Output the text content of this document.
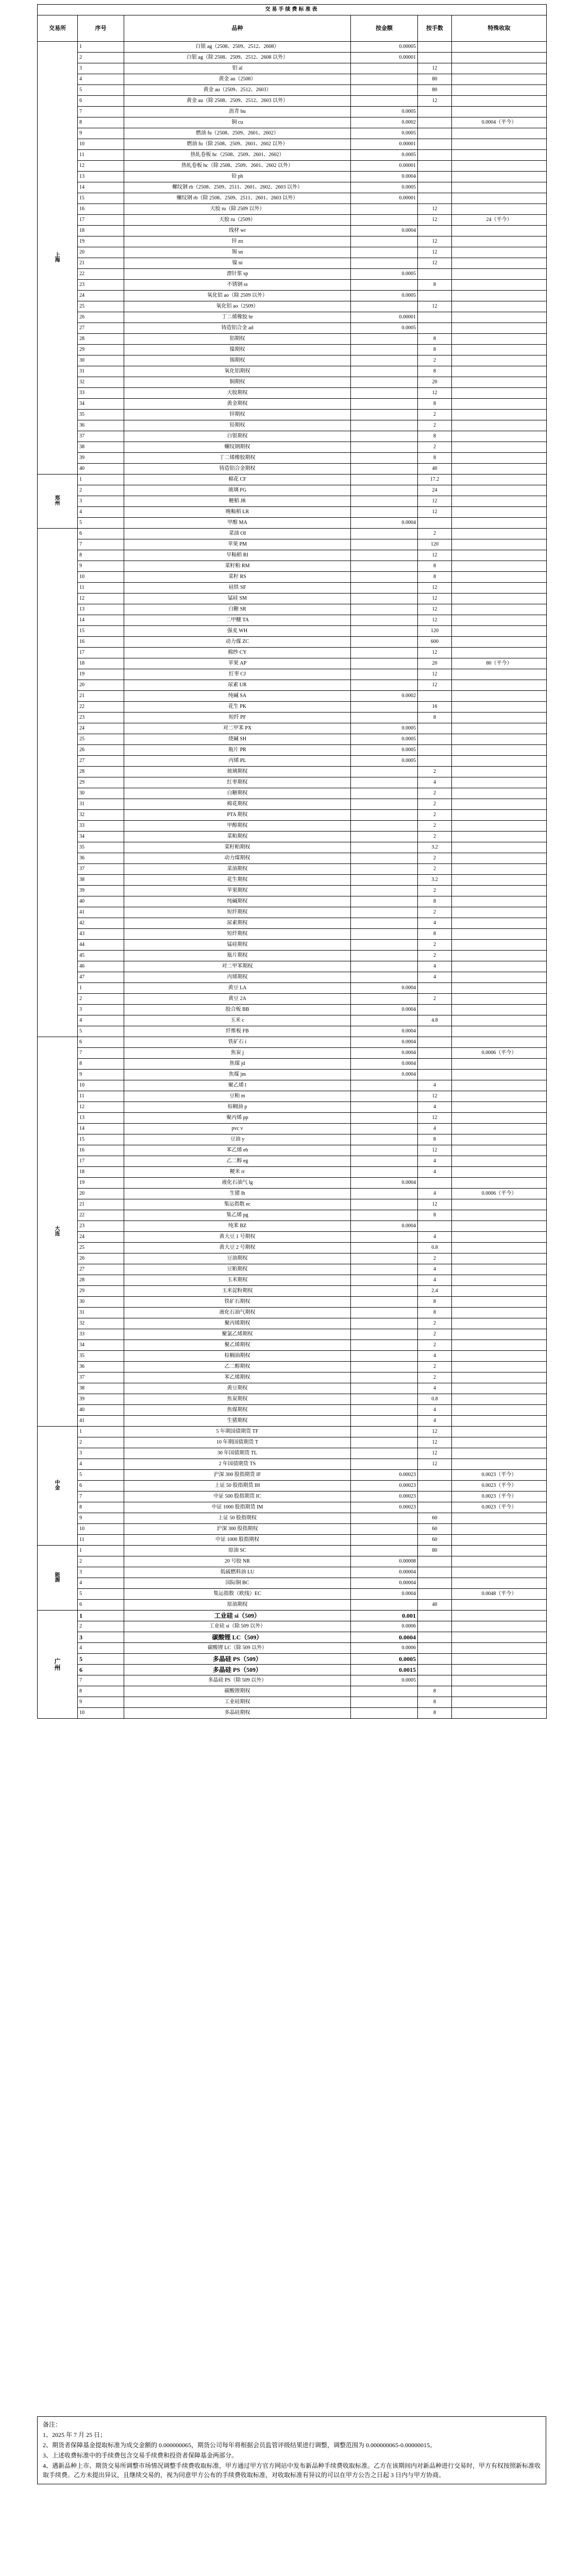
交易手续费标准表					
交易所	序号	品种	按金额	按手数	特殊收取

上
海	1	白银 ag（2508、2509、2512、2608）	0.00005		
	2	白银 ag（除 2508、2509、2512、2608 以外）	0.00001		
	3	铝 al		12	
	4	黄金 au（2508）		80	
	5	黄金 au（2509、2512、2603）		80	
	6	黄金 au（除 2508、2509、2512、2603 以外）		12	
	7	沥青 bu	0.0005		
	8	铜 cu	0.0002		0.0004（平今）
	9	燃油 fu（2508、2509、2601、2602）	0.0005		
	10	燃油 fu（除 2508、2509、2601、2602 以外）	0.00001		
	11	热轧卷板 hc（2508、2509、2601、2602）	0.0005		
	12	热轧卷板 hc（除 2508、2509、2601、2602 以外）	0.00001		
	13	铅 pb	0.0004		
	14	螺纹钢 rb（2508、2509、2511、2601、2602、2603 以外）	0.0005		
	15	螺纹钢 rb（除 2508、2509、2511、2601、2603 以外）	0.00001		
	16	天胶 ru（除 2509 以外）		12	
	17	天胶 ru（2509）		12	24（平今）
	18	线材 wr	0.0004		
	19	锌 zn		12	
	20	锡 sn		12	
	21	镍 ni		12	
	22	漂针浆 sp	0.0005		
	23	不锈钢 ss		8	
	24	氧化铝 ao（除 2509 以外）	0.0005		
	25	氧化铝 ao（2509）		12	
	26	丁二烯橡胶 br	0.00001		
	27	铸造铝合金 ad	0.0005		
	28	铝期权		8	
	29	镍期权		8	
	30	锡期权		2	
	31	氧化铝期权		8	
	32	铜期权		20	
	33	天胶期权		12	
	34	黄金期权		8	
	35	锌期权		2	
	36	铅期权		2	
	37	白银期权		8	
	38	螺纹钢期权		2	
	39	丁二烯橡胶期权		8	
	40	铸造铝合金期权		40	

郑
州	1	棉花 CF		17.2	
	2	玻璃 FG		24	
	3	粳稻 JR		12	
	4	晚籼稻 LR		12	
	5	甲醇 MA	0.0004		

	6	菜油 OI		2	
	7	苹果 PM		120	
	8	早籼稻 RI		12	
	9	菜籽粕 RM		8	
	10	菜籽 RS		8	
	11	硅铁 SF		12	
	12	锰硅 SM		12	
	13	白糖 SR		12	
	14	二甲醚 TA		12	
	15	强麦 WH		120	
	16	动力煤 ZC		600	
	17	棉纱 CY		12	
	18	苹果 AP		20	80（平今）
	19	红枣 CJ		12	
	20	尿素 UR		12	
	21	纯碱 SA	0.0002		
	22	花生 PK		16	
	23	短纤 PF		8	
	24	对二甲苯 PX	0.0005		
	25	烧碱 SH	0.0005		
	26	瓶片 PR	0.0005		
	27	丙烯 PL	0.0005		
	28	玻璃期权		2	
	29	红枣期权		4	
	30	白糖期权		2	
	31	棉花期权		2	
	32	PTA 期权		2	
	33	甲醇期权		2	
	34	菜粕期权		2	
	35	菜籽粕期权		3.2	
	36	动力煤期权		2	
	37	菜油期权		2	
	38	花生期权		3.2	
	39	苹果期权		2	
	40	纯碱期权		8	
	41	短纤期权		2	
	42	尿素期权		4	
	43	短纤期权		8	
	44	锰硅期权		2	
	45	瓶片期权		2	
	46	对二甲苯期权		4	
	47	丙烯期权		4	
	1	黄豆 LA	0.0004		
	2	黄豆 2A		2	
	3	胶合板 BB	0.0004		
	4	玉米 c		4.8	
	5	纤维板 FB	0.0004		

大
连	6	铁矿石 i	0.0004		
	7	焦炭 j	0.0004		0.0006（平今）
	8	焦煤 jd	0.0004		
	9	焦煤 jm	0.0004		
	10	聚乙烯 l		4	
	11	豆粕 m		12	
	12	棕榈油 p		4	
	13	聚丙烯 pp		12	
	14	pvc v		4	
	15	豆油 y		8	
	16	苯乙烯 eb		12	
	17	乙二醇 eg		4	
	18	粳米 rr		4	
	19	液化石油气 lg	0.0004		
	20	生猪 lh		4	0.0006（平今）
	21	集运指数 ec		12	
	22	集乙烯 pg		8	
	23	纯苯 BZ	0.0004		
	24	黄大豆 1 号期权		4	
	25	黄大豆 2 号期权		0.8	
	26	豆油期权		2	
	27	豆粕期权		4	
	28	玉米期权		4	
	29	玉米淀粉期权		2.4	
	30	铁矿石期权		8	
	31	液化石油气期权		8	
	32	聚丙烯期权		2	
	33	聚氯乙烯期权		2	
	34	聚乙烯期权		2	
	35	棕榈油期权		4	
	36	乙二醇期权		2	
	37	苯乙烯期权		2	
	38	黄豆期权		4	
	39	焦炭期权		0.8	
	40	焦煤期权		4	
	41	生猪期权		4	

中
金	1	5 年期国债期货 TF		12	
	2	10 年期国债期货 T		12	
	3	30 年国债期货 TL		12	
	4	2 年国债期货 TS		12	
	5	沪深 300 股指期货 IF	0.00023		0.0023（平今）
	6	上证 50 股指期货 IH	0.00023		0.0023（平今）
	7	中证 500 股指期货 IC	0.00023		0.0023（平今）
	8	中证 1000 股指期货 IM	0.00023		0.0023（平今）
	9	上证 50 股指期权		60	
	10	沪深 300 股指期权		60	
	11	中证 1000 股指期权		60	

能
源	1	原油 SC		80	
	2	20 号胶 NR	0.00008		
	3	低硫燃料油 LU	0.00004		
	4	国际铜 BC	0.00004		
	5	集运指数（欧线）EC	0.0004		0.0048（平今）
	6	原油期权		40	

广
州	1	工业硅 si（509）	0.001		
	2	工业硅 si（除 509 以外）	0.0006		
	3	碳酸锂 LC（509）	0.0004		
	4	碳酸锂 LC（除 509 以外）	0.0006		
	5	多晶硅 PS（509）	0.0005		
	6	多晶硅 PS（509）	0.0015		
	7	多晶硅 PS（除 509 以外）	0.0005		
	8	碳酸锂期权		8	
	9	工业硅期权		8	
	10	多晶硅期权		8	

备注：

1、2025 年 7 月 25 日；

2、期货者保障基金提取标准为成交金额的 0.000000065，期货公司每年将根据会员监管评级结果进行调整，调整范围为 0.000000065-0.00000015。

3、上述收费标准中的手续费包含交易手续费和投资者保障基金两部分。

4、遇新品种上市、期货交易所调整市场情况调整手续费收取标准，甲方通过甲方官方网站中发布新品种手续费收取标准。乙方在该期间内对新品种进行交易时，甲方有权按照新标准收取手续费。乙方未提出异议，且继续交易的，视为同意甲方公布的手续费收取标准，对收取标准有异议的可以在甲方公告之日起 3 日内与甲方协商。
